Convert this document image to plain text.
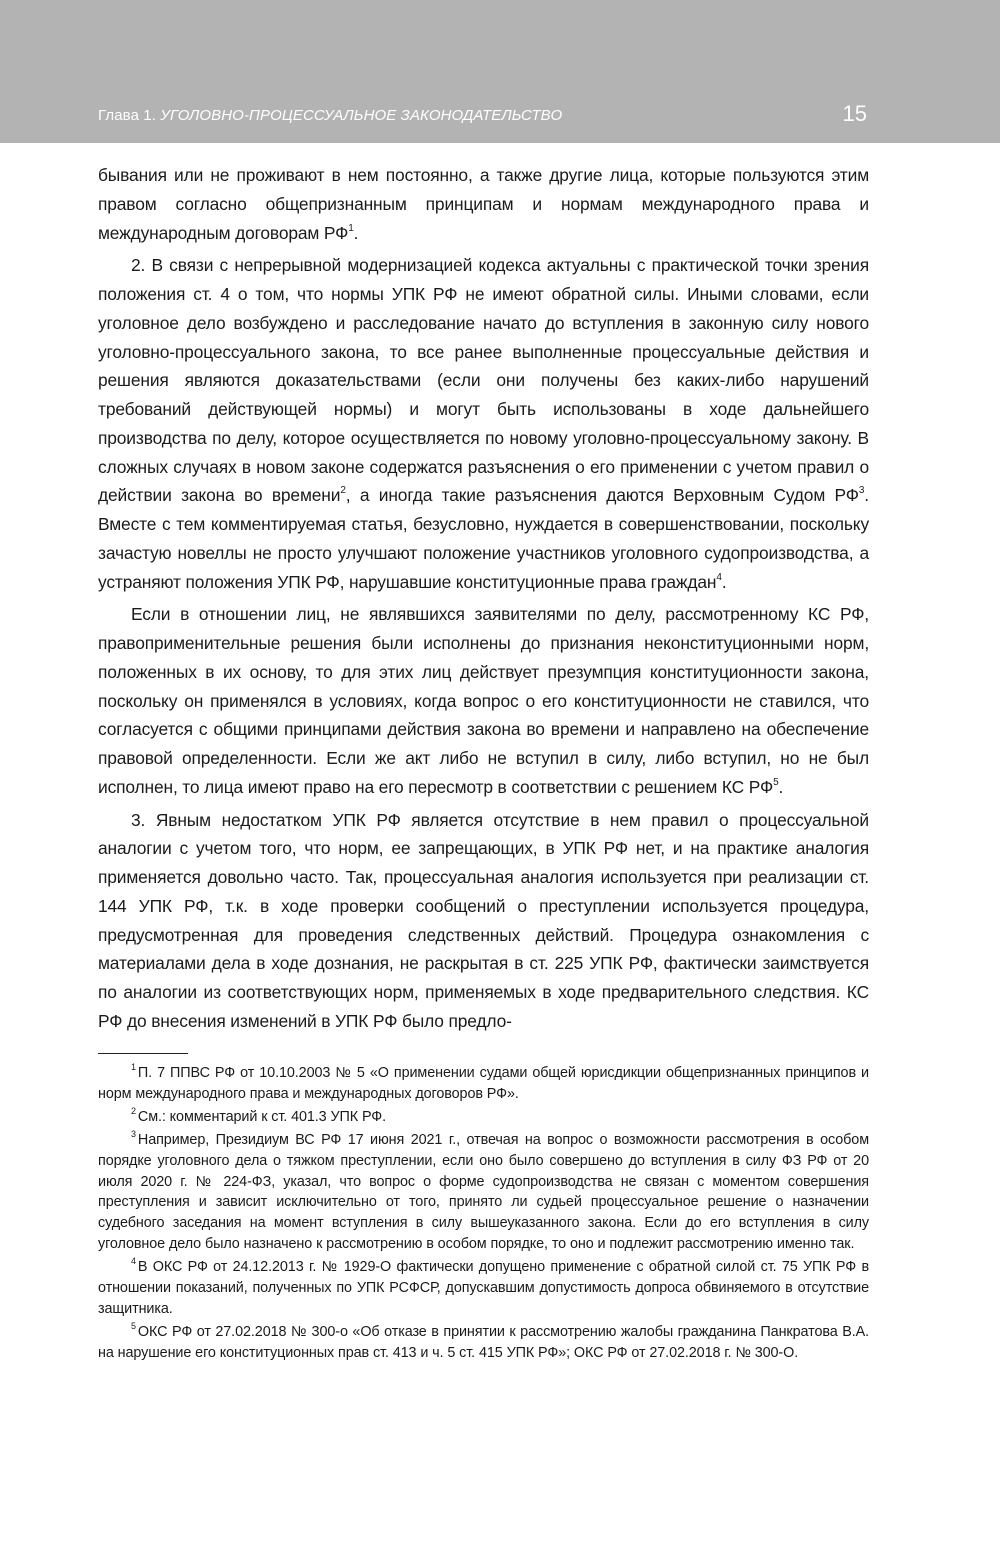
Глава 1. УГОЛОВНО-ПРОЦЕССУАЛЬНОЕ ЗАКОНОДАТЕЛЬСТВО	15

бывания или не проживают в нем постоянно, а также другие лица, которые пользуются этим правом согласно общепризнанным принципам и нормам международного права и международным договорам $РФ^1$.

2. В связи с непрерывной модернизацией кодекса актуальны с практической точки зрения положения ст. 4 о том, что нормы УПК РФ не имеют обратной силы. Иными словами, если уголовное дело возбуждено и расследование начато до вступления в законную силу нового уголовно-процессуального закона, то все ранее выполненные процессуальные действия и решения являются доказательствами (если они получены без каких-либо нарушений требований действующей нормы) и могут быть использованы в ходе дальнейшего производства по делу, которое осуществляется по новому уголовно-процессуальному закону. В сложных случаях в новом законе содержатся разъяснения о его применении с учетом правил о действии закона во времени$^2$, а иногда такие разъяснения даются Верховным Судом $РФ^3$. Вместе с тем комментируемая статья, безусловно, нуждается в совершенствовании, поскольку зачастую новеллы не просто улучшают положение участников уголовного судопроизводства, а устраняют положения УПК РФ, нарушавшие конституционные права граждан$^4$.

Если в отношении лиц, не являвшихся заявителями по делу, рассмотренному КС РФ, правоприменительные решения были исполнены до признания неконституционными норм, положенных в их основу, то для этих лиц действует презумпция конституционности закона, поскольку он применялся в условиях, когда вопрос о его конституционности не ставился, что согласуется с общими принципами действия закона во времени и направлено на обеспечение правовой определенности. Если же акт либо не вступил в силу, либо вступил, но не был исполнен, то лица имеют право на его пересмотр в соответствии с решением КС $РФ^5$.

3. Явным недостатком УПК РФ является отсутствие в нем правил о процессуальной аналогии с учетом того, что норм, ее запрещающих, в УПК РФ нет, и на практике аналогия применяется довольно часто. Так, процессуальная аналогия используется при реализации ст. 144 УПК РФ, т.к. в ходе проверки сообщений о преступлении используется процедура, предусмотренная для проведения следственных действий. Процедура ознакомления с материалами дела в ходе дознания, не раскрытая в ст. 225 УПК РФ, фактически заимствуется по аналогии из соответствующих норм, применяемых в ходе предварительного следствия. КС РФ до внесения изменений в УПК РФ было предло-

$^1$ П. 7 ППВС РФ от 10.10.2003 № 5 «О применении судами общей юрисдикции общепризнанных принципов и норм международного права и международных договоров РФ».

$^2$ См.: комментарий к ст. 401.3 УПК РФ.

$^3$ Например, Президиум ВС РФ 17 июня 2021 г., отвечая на вопрос о возможности рассмотрения в особом порядке уголовного дела о тяжком преступлении, если оно было совершено до вступления в силу ФЗ РФ от 20 июля 2020 г. № 224-ФЗ, указал, что вопрос о форме судопроизводства не связан с моментом совершения преступления и зависит исключительно от того, принято ли судьей процессуальное решение о назначении судебного заседания на момент вступления в силу вышеуказанного закона. Если до его вступления в силу уголовное дело было назначено к рассмотрению в особом порядке, то оно и подлежит рассмотрению именно так.

$^4$ В ОКС РФ от 24.12.2013 г. № 1929-О фактически допущено применение с обратной силой ст. 75 УПК РФ в отношении показаний, полученных по УПК РСФСР, допускавшим допустимость допроса обвиняемого в отсутствие защитника.

$^5$ ОКС РФ от 27.02.2018 № 300-о «Об отказе в принятии к рассмотрению жалобы гражданина Панкратова В.А. на нарушение его конституционных прав ст. 413 и ч. 5 ст. 415 УПК РФ»; ОКС РФ от 27.02.2018 г. № 300-О.
